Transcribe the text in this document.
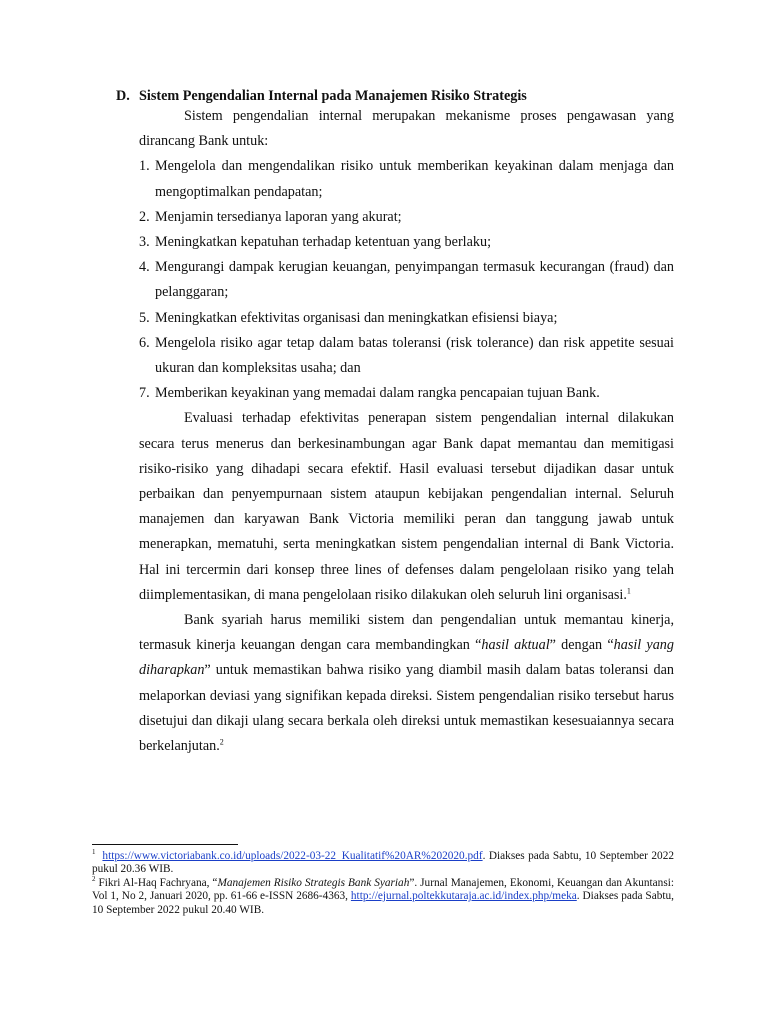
D. Sistem Pengendalian Internal pada Manajemen Risiko Strategis

Sistem pengendalian internal merupakan mekanisme proses pengawasan yang dirancang Bank untuk:

1. Mengelola dan mengendalikan risiko untuk memberikan keyakinan dalam menjaga dan mengoptimalkan pendapatan;
2. Menjamin tersedianya laporan yang akurat;
3. Meningkatkan kepatuhan terhadap ketentuan yang berlaku;
4. Mengurangi dampak kerugian keuangan, penyimpangan termasuk kecurangan (fraud) dan pelanggaran;
5. Meningkatkan efektivitas organisasi dan meningkatkan efisiensi biaya;
6. Mengelola risiko agar tetap dalam batas toleransi (risk tolerance) dan risk appetite sesuai ukuran dan kompleksitas usaha; dan
7. Memberikan keyakinan yang memadai dalam rangka pencapaian tujuan Bank.

Evaluasi terhadap efektivitas penerapan sistem pengendalian internal dilakukan secara terus menerus dan berkesinambungan agar Bank dapat memantau dan memitigasi risiko-risiko yang dihadapi secara efektif. Hasil evaluasi tersebut dijadikan dasar untuk perbaikan dan penyempurnaan sistem ataupun kebijakan pengendalian internal. Seluruh manajemen dan karyawan Bank Victoria memiliki peran dan tanggung jawab untuk menerapkan, mematuhi, serta meningkatkan sistem pengendalian internal di Bank Victoria. Hal ini tercermin dari konsep three lines of defenses dalam pengelolaan risiko yang telah diimplementasikan, di mana pengelolaan risiko dilakukan oleh seluruh lini organisasi.$^1$

Bank syariah harus memiliki sistem dan pengendalian untuk memantau kinerja, termasuk kinerja keuangan dengan cara membandingkan “hasil aktual” dengan “hasil yang diharapkan” untuk memastikan bahwa risiko yang diambil masih dalam batas toleransi dan melaporkan deviasi yang signifikan kepada direksi. Sistem pengendalian risiko tersebut harus disetujui dan dikaji ulang secara berkala oleh direksi untuk memastikan kesesuaiannya secara berkelanjutan.$^2$

$^1$ https://www.victoriabank.co.id/uploads/2022-03-22_Kualitatif%20AR%202020.pdf. Diakses pada Sabtu, 10 September 2022 pukul 20.36 WIB.

$^2$ Fikri Al-Haq Fachryana, “Manajemen Risiko Strategis Bank Syariah”. Jurnal Manajemen, Ekonomi, Keuangan dan Akuntansi: Vol 1, No 2, Januari 2020, pp. 61-66 e-ISSN 2686-4363, http://ejurnal.poltekkutaraja.ac.id/index.php/meka. Diakses pada Sabtu, 10 September 2022 pukul 20.40 WIB.
